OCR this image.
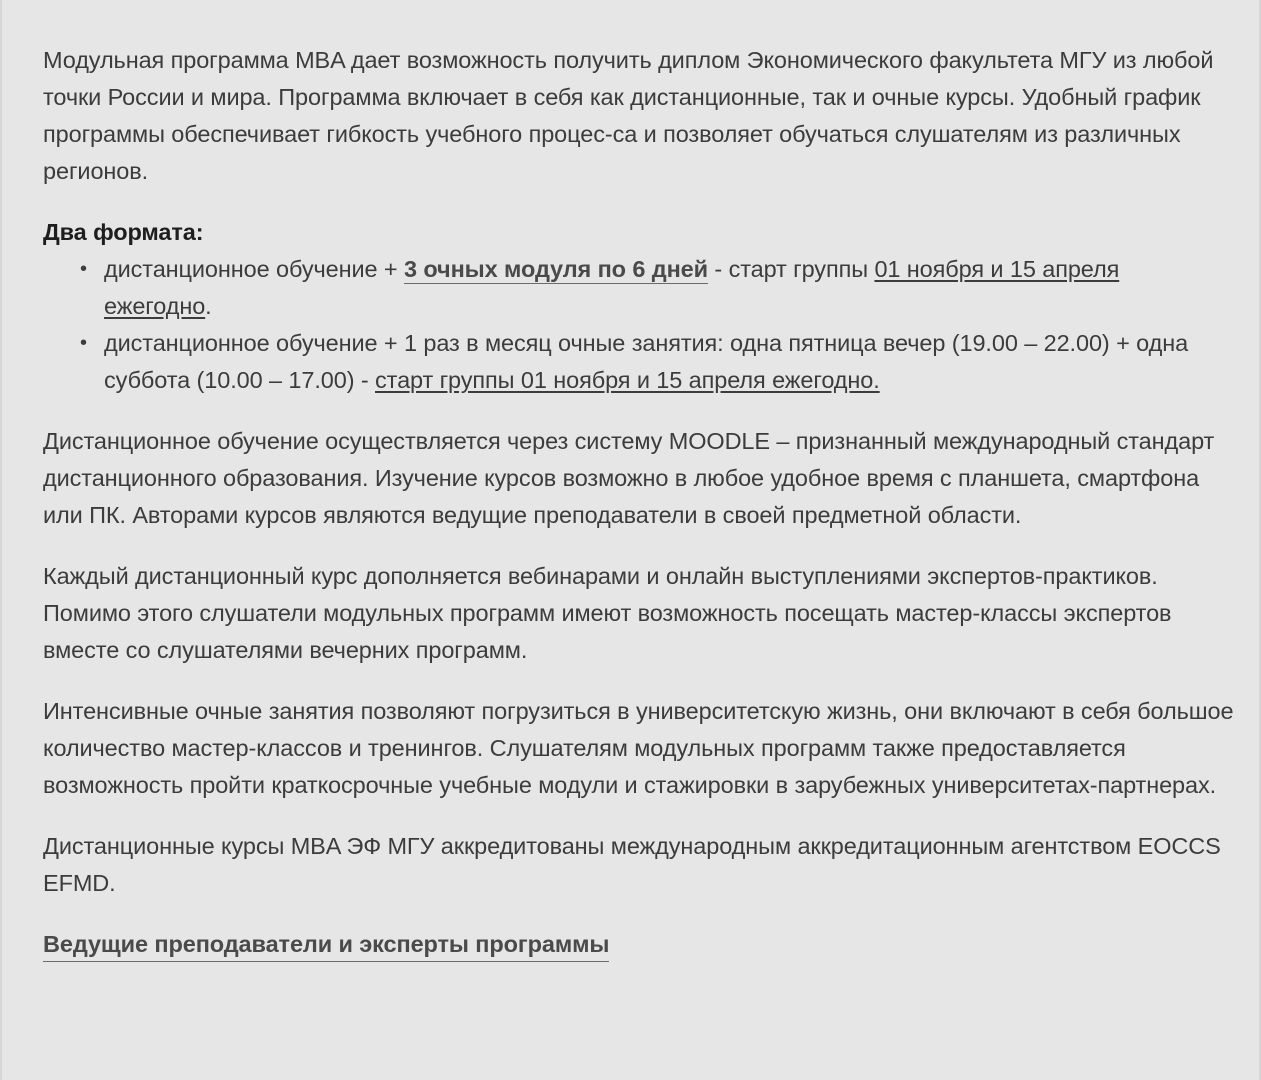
Модульная программа MBA дает возможность получить диплом Экономического факультета МГУ из любой точки России и мира. Программа включает в себя как дистанционные, так и очные курсы. Удобный график программы обеспечивает гибкость учебного процес-са и позволяет обучаться слушателям из различных регионов.

Два формата:
• дистанционное обучение + 3 очных модуля по 6 дней - старт группы 01 ноября и 15 апреля ежегодно.
• дистанционное обучение + 1 раз в месяц очные занятия: одна пятница вечер (19.00 – 22.00) + одна суббота (10.00 – 17.00) - старт группы 01 ноября и 15 апреля ежегодно.

Дистанционное обучение осуществляется через систему MOODLE – признанный международный стандарт дистанционного образования. Изучение курсов возможно в любое удобное время с планшета, смартфона или ПК. Авторами курсов являются ведущие преподаватели в своей предметной области.

Каждый дистанционный курс дополняется вебинарами и онлайн выступлениями экспертов-практиков. Помимо этого слушатели модульных программ имеют возможность посещать мастер-классы экспертов вместе со слушателями вечерних программ.

Интенсивные очные занятия позволяют погрузиться в университетскую жизнь, они включают в себя большое количество мастер-классов и тренингов. Слушателям модульных программ также предоставляется возможность пройти краткосрочные учебные модули и стажировки в зарубежных университетах-партнерах.

Дистанционные курсы MBA ЭФ МГУ аккредитованы международным аккредитационным агентством EOCCS EFMD.

Ведущие преподаватели и эксперты программы
